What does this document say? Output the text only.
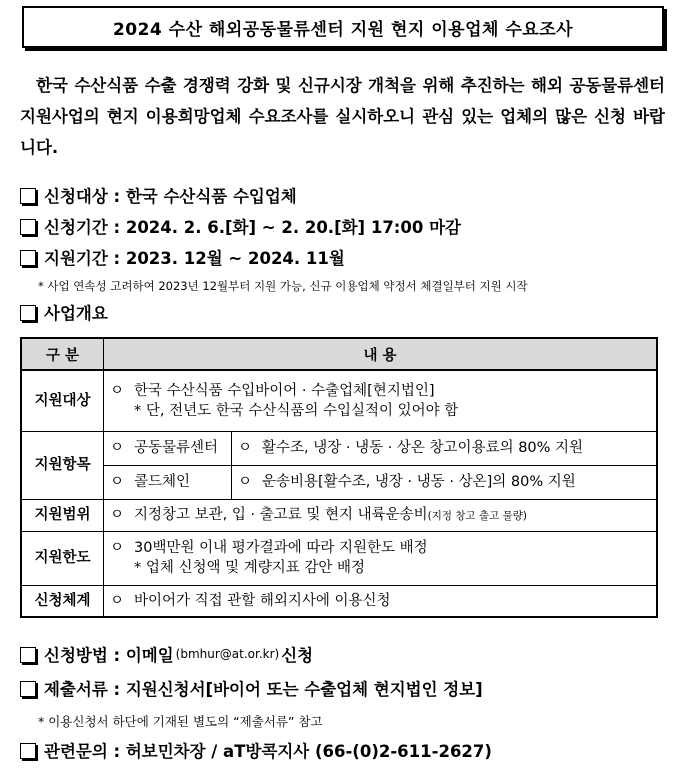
2024 수산 해외공동물류센터 지원 현지 이용업체 수요조사
한국 수산식품 수출 경쟁력 강화 및 신규시장 개척을 위해 추진하는 해외 공동물류센터 지원사업의 현지 이용희망업체 수요조사를 실시하오니 관심 있는 업체의 많은 신청 바랍니다.
신청대상 : 한국 수산식품 수입업체
신청기간 : 2024. 2. 6.[화] ~ 2. 20.[화] 17:00 마감
지원기간 : 2023. 12월 ~ 2024. 11월
* 사업 연속성 고려하여 2023년 12월부터 지원 가능, 신규 이용업체 약정서 체결일부터 지원 시작
사업개요
구 분	내 용	
지원대상	ㅇ 한국 수산식품 수입바이어 · 수출업체[현지법인]
* 단, 전년도 한국 수산식품의 수입실적이 있어야 함	

지원항목	ㅇ 공동물류센터	ㅇ 활수조, 냉장 · 냉동 · 상온 창고이용료의 80% 지원
	ㅇ 콜드체인	ㅇ 운송비용[활수조, 냉장 · 냉동 · 상온]의 80% 지원
지원범위	ㅇ 지정창고 보관, 입 · 출고료 및 현지 내륙운송비(지정 창고 출고 물량)	
지원한도	ㅇ 30백만원 이내 평가결과에 따라 지원한도 배정
* 업체 신청액 및 계량지표 감안 배정	

신청체계	ㅇ 바이어가 직접 관할 해외지사에 이용신청	
신청방법 : 이메일 (bmhur@at.or.kr) 신청
제출서류 : 지원신청서[바이어 또는 수출업체 현지법인 정보]
* 이용신청서 하단에 기재된 별도의 “제출서류” 참고
관련문의 : 허보민차장 / aT방콕지사 (66-(0)2-611-2627)
